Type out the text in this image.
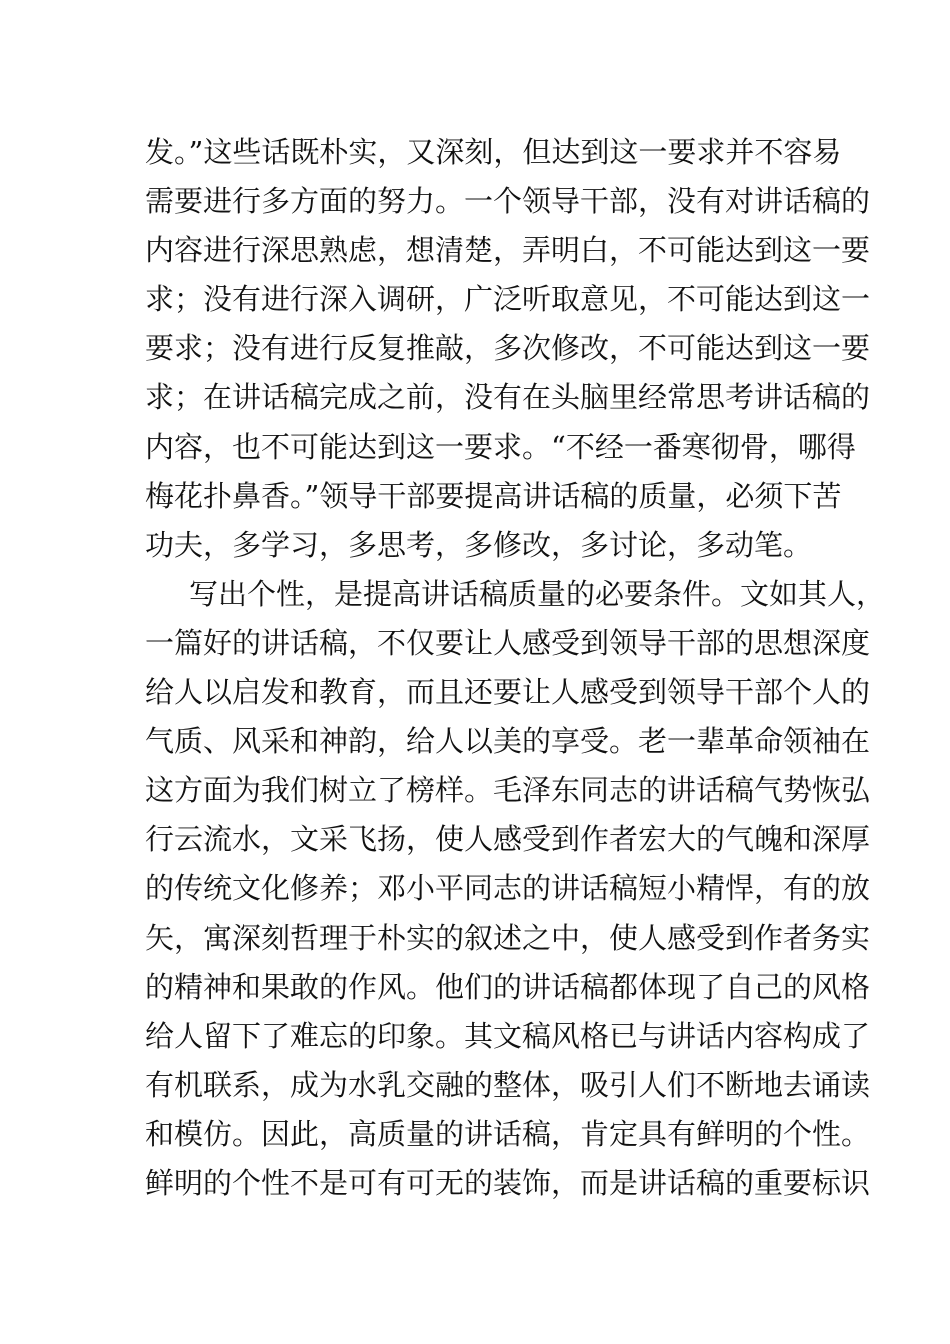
发。”这些话既朴实，又深刻，但达到这一要求并不容易
需要进行多方面的努力。一个领导干部，没有对讲话稿的
内容进行深思熟虑，想清楚，弄明白，不可能达到这一要
求；没有进行深入调研，广泛听取意见，不可能达到这一
要求；没有进行反复推敲，多次修改，不可能达到这一要
求；在讲话稿完成之前，没有在头脑里经常思考讲话稿的
内容，也不可能达到这一要求。“不经一番寒彻骨，哪得
梅花扑鼻香。”领导干部要提高讲话稿的质量，必须下苦
功夫，多学习，多思考，多修改，多讨论，多动笔。
写出个性，是提高讲话稿质量的必要条件。文如其人，
一篇好的讲话稿，不仅要让人感受到领导干部的思想深度
给人以启发和教育，而且还要让人感受到领导干部个人的
气质、风采和神韵，给人以美的享受。老一辈革命领袖在
这方面为我们树立了榜样。毛泽东同志的讲话稿气势恢弘
行云流水，文采飞扬，使人感受到作者宏大的气魄和深厚
的传统文化修养；邓小平同志的讲话稿短小精悍，有的放
矢，寓深刻哲理于朴实的叙述之中，使人感受到作者务实
的精神和果敢的作风。他们的讲话稿都体现了自己的风格
给人留下了难忘的印象。其文稿风格已与讲话内容构成了
有机联系，成为水乳交融的整体，吸引人们不断地去诵读
和模仿。因此，高质量的讲话稿，肯定具有鲜明的个性。
鲜明的个性不是可有可无的装饰，而是讲话稿的重要标识
